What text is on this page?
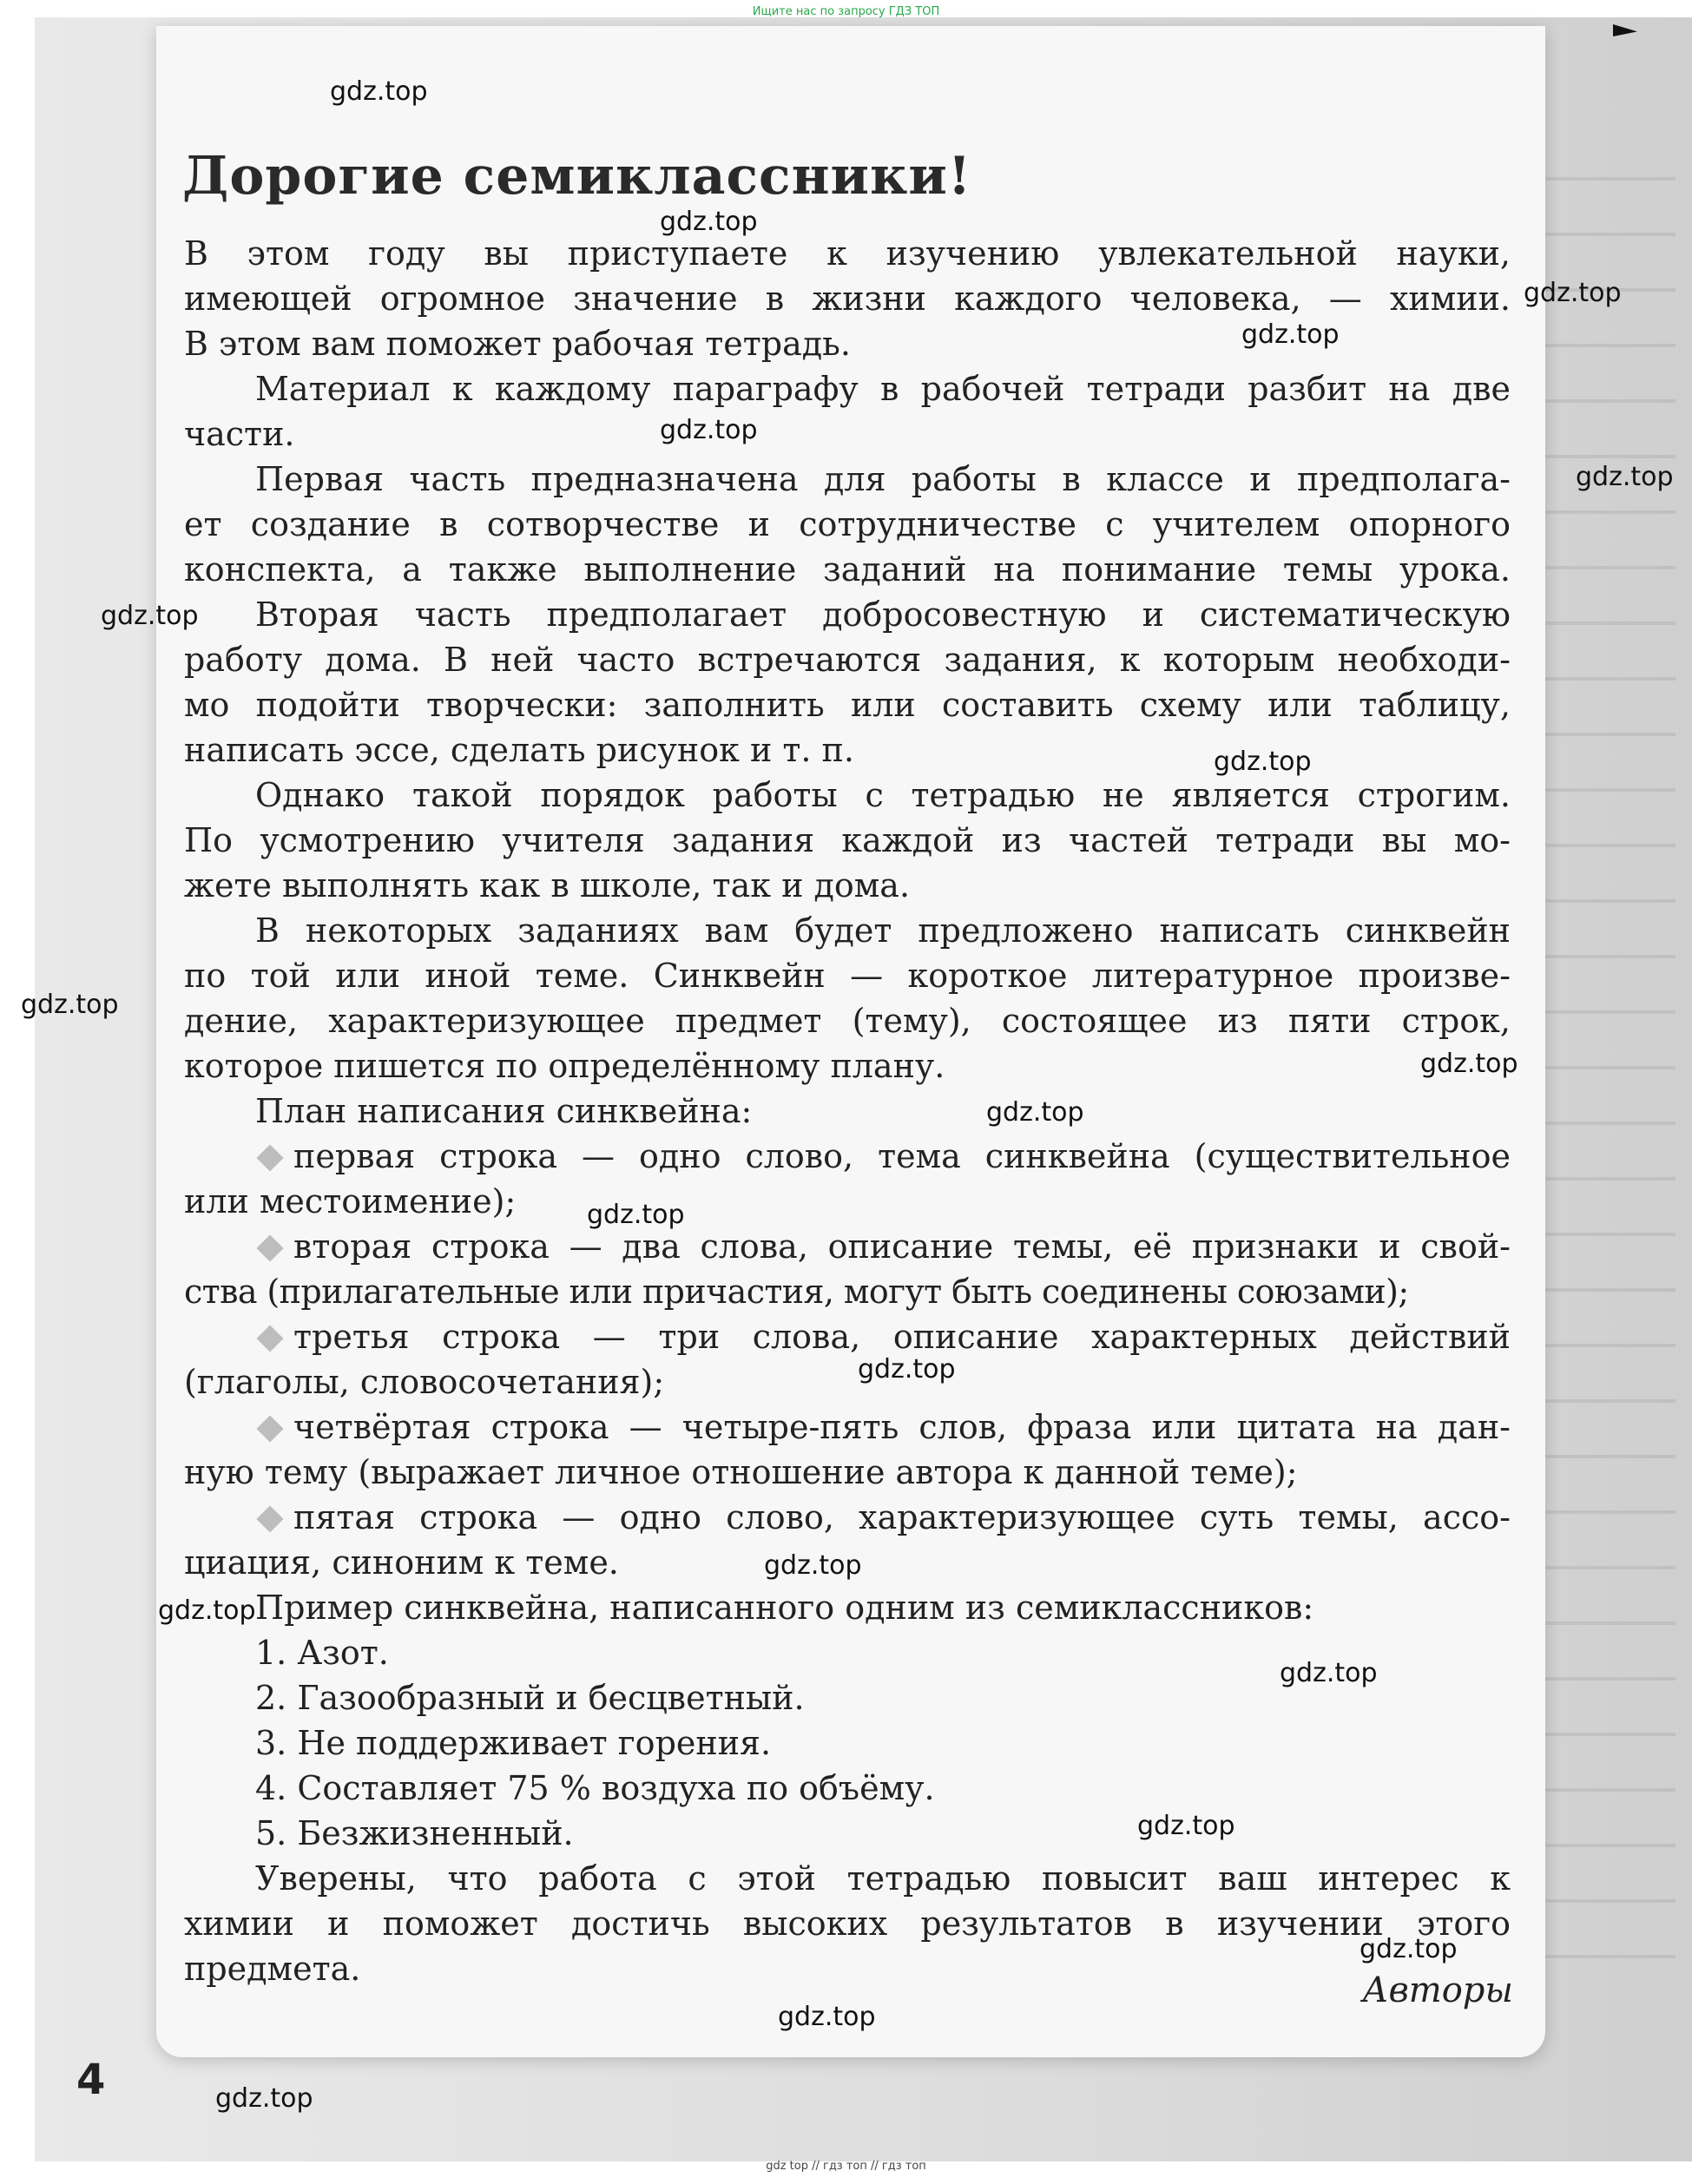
Ищите нас по запросу ГДЗ ТОП
Дорогие семиклассники!
В этом году вы приступаете к изучению увлекательной науки,
имеющей огромное значение в жизни каждого человека, — химии.
В этом вам поможет рабочая тетрадь.
Материал к каждому параграфу в рабочей тетради разбит на две
части.
Первая часть предназначена для работы в классе и предполага-
ет создание в сотворчестве и сотрудничестве с учителем опорного
конспекта, а также выполнение заданий на понимание темы урока.
Вторая часть предполагает добросовестную и систематическую
работу дома. В ней часто встречаются задания, к которым необходи-
мо подойти творчески: заполнить или составить схему или таблицу,
написать эссе, сделать рисунок и т. п.
Однако такой порядок работы с тетрадью не является строгим.
По усмотрению учителя задания каждой из частей тетради вы мо-
жете выполнять как в школе, так и дома.
В некоторых заданиях вам будет предложено написать синквейн
по той или иной теме. Синквейн — короткое литературное произве-
дение, характеризующее предмет (тему), состоящее из пяти строк,
которое пишется по определённому плану.
План написания синквейна:
первая строка — одно слово, тема синквейна (существительное
или местоимение);
вторая строка — два слова, описание темы, её признаки и свой-
ства (прилагательные или причастия, могут быть соединены союзами);
третья строка — три слова, описание характерных действий
(глаголы, словосочетания);
четвёртая строка — четыре-пять слов, фраза или цитата на дан-
ную тему (выражает личное отношение автора к данной теме);
пятая строка — одно слово, характеризующее суть темы, ассо-
циация, синоним к теме.
Пример синквейна, написанного одним из семиклассников:
1. Азот.
2. Газообразный и бесцветный.
3. Не поддерживает горения.
4. Составляет 75 % воздуха по объёму.
5. Безжизненный.
Уверены, что работа с этой тетрадью повысит ваш интерес к
химии и поможет достичь высоких результатов в изучении этого
предмета.
Авторы
4
gdz.top
gdz.top
gdz.top
gdz.top
gdz.top
gdz.top
gdz.top
gdz.top
gdz.top
gdz.top
gdz.top
gdz.top
gdz.top
gdz.top
gdz.top
gdz.top
gdz.top
gdz.top
gdz.top
gdz.top
gdz top // гдз топ // гдз топ
